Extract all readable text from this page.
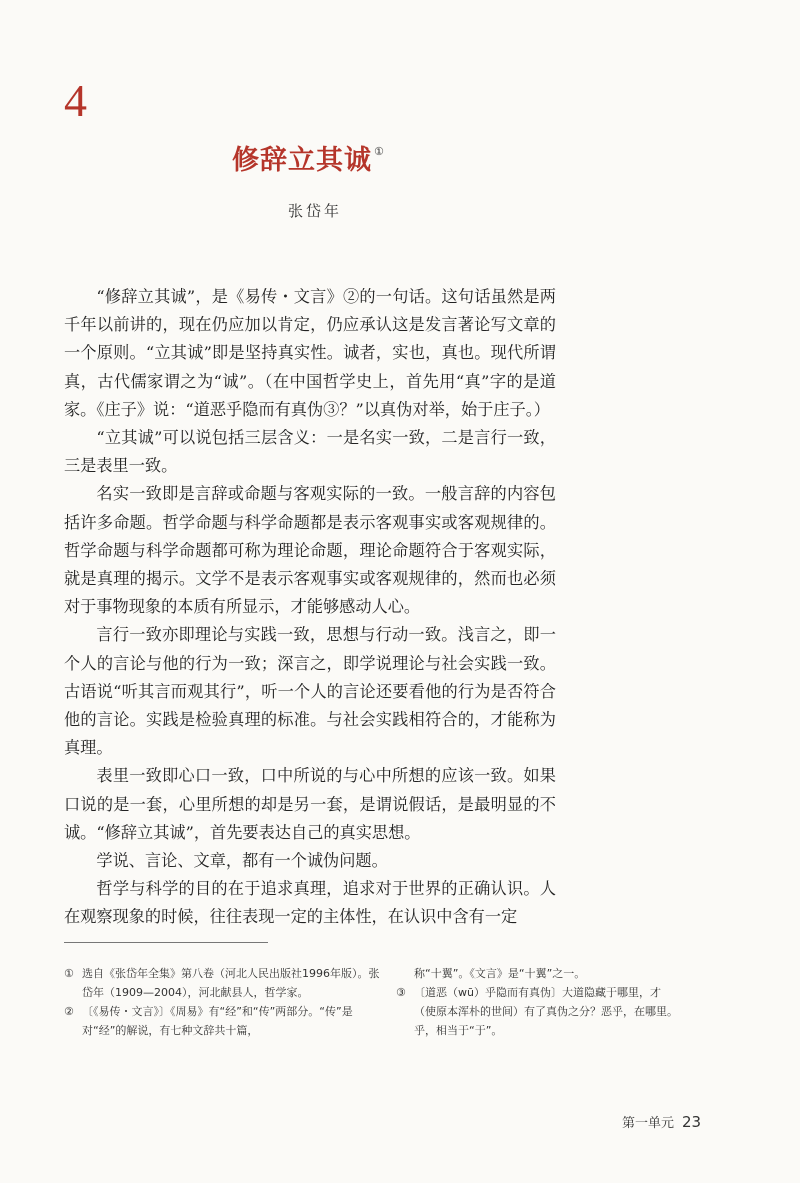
4
修辞立其诚 ①
张岱年

“修辞立其诚”，是《易传・文言》②的一句话。这句话虽然是两千年以前讲的，现在仍应加以肯定，仍应承认这是发言著论写文章的一个原则。“立其诚”即是坚持真实性。诚者，实也，真也。现代所谓真，古代儒家谓之为“诚”。（在中国哲学史上，首先用“真”字的是道家。《庄子》说：“道恶乎隐而有真伪③？”以真伪对举，始于庄子。）

“立其诚”可以说包括三层含义：一是名实一致，二是言行一致，三是表里一致。

名实一致即是言辞或命题与客观实际的一致。一般言辞的内容包括许多命题。哲学命题与科学命题都是表示客观事实或客观规律的。哲学命题与科学命题都可称为理论命题，理论命题符合于客观实际，就是真理的揭示。文学不是表示客观事实或客观规律的，然而也必须对于事物现象的本质有所显示，才能够感动人心。

言行一致亦即理论与实践一致，思想与行动一致。浅言之，即一个人的言论与他的行为一致；深言之，即学说理论与社会实践一致。古语说“听其言而观其行”，听一个人的言论还要看他的行为是否符合他的言论。实践是检验真理的标准。与社会实践相符合的，才能称为真理。

表里一致即心口一致，口中所说的与心中所想的应该一致。如果口说的是一套，心里所想的却是另一套，是谓说假话，是最明显的不诚。“修辞立其诚”，首先要表达自己的真实思想。

学说、言论、文章，都有一个诚伪问题。

哲学与科学的目的在于追求真理，追求对于世界的正确认识。人在观察现象的时候，往往表现一定的主体性，在认识中含有一定

① 选自《张岱年全集》第八卷（河北人民出版社1996年版）。张岱年（1909—2004），河北献县人，哲学家。
② 〔《易传・文言》〕《周易》有“经”和“传”两部分。“传”是对“经”的解说，有七种文辞共十篇，
称“十翼”。《文言》是“十翼”之一。
③ 〔道恶（wū）乎隐而有真伪〕大道隐藏于哪里，才（使原本浑朴的世间）有了真伪之分？恶乎，在哪里。乎，相当于“于”。
第一单元 23
